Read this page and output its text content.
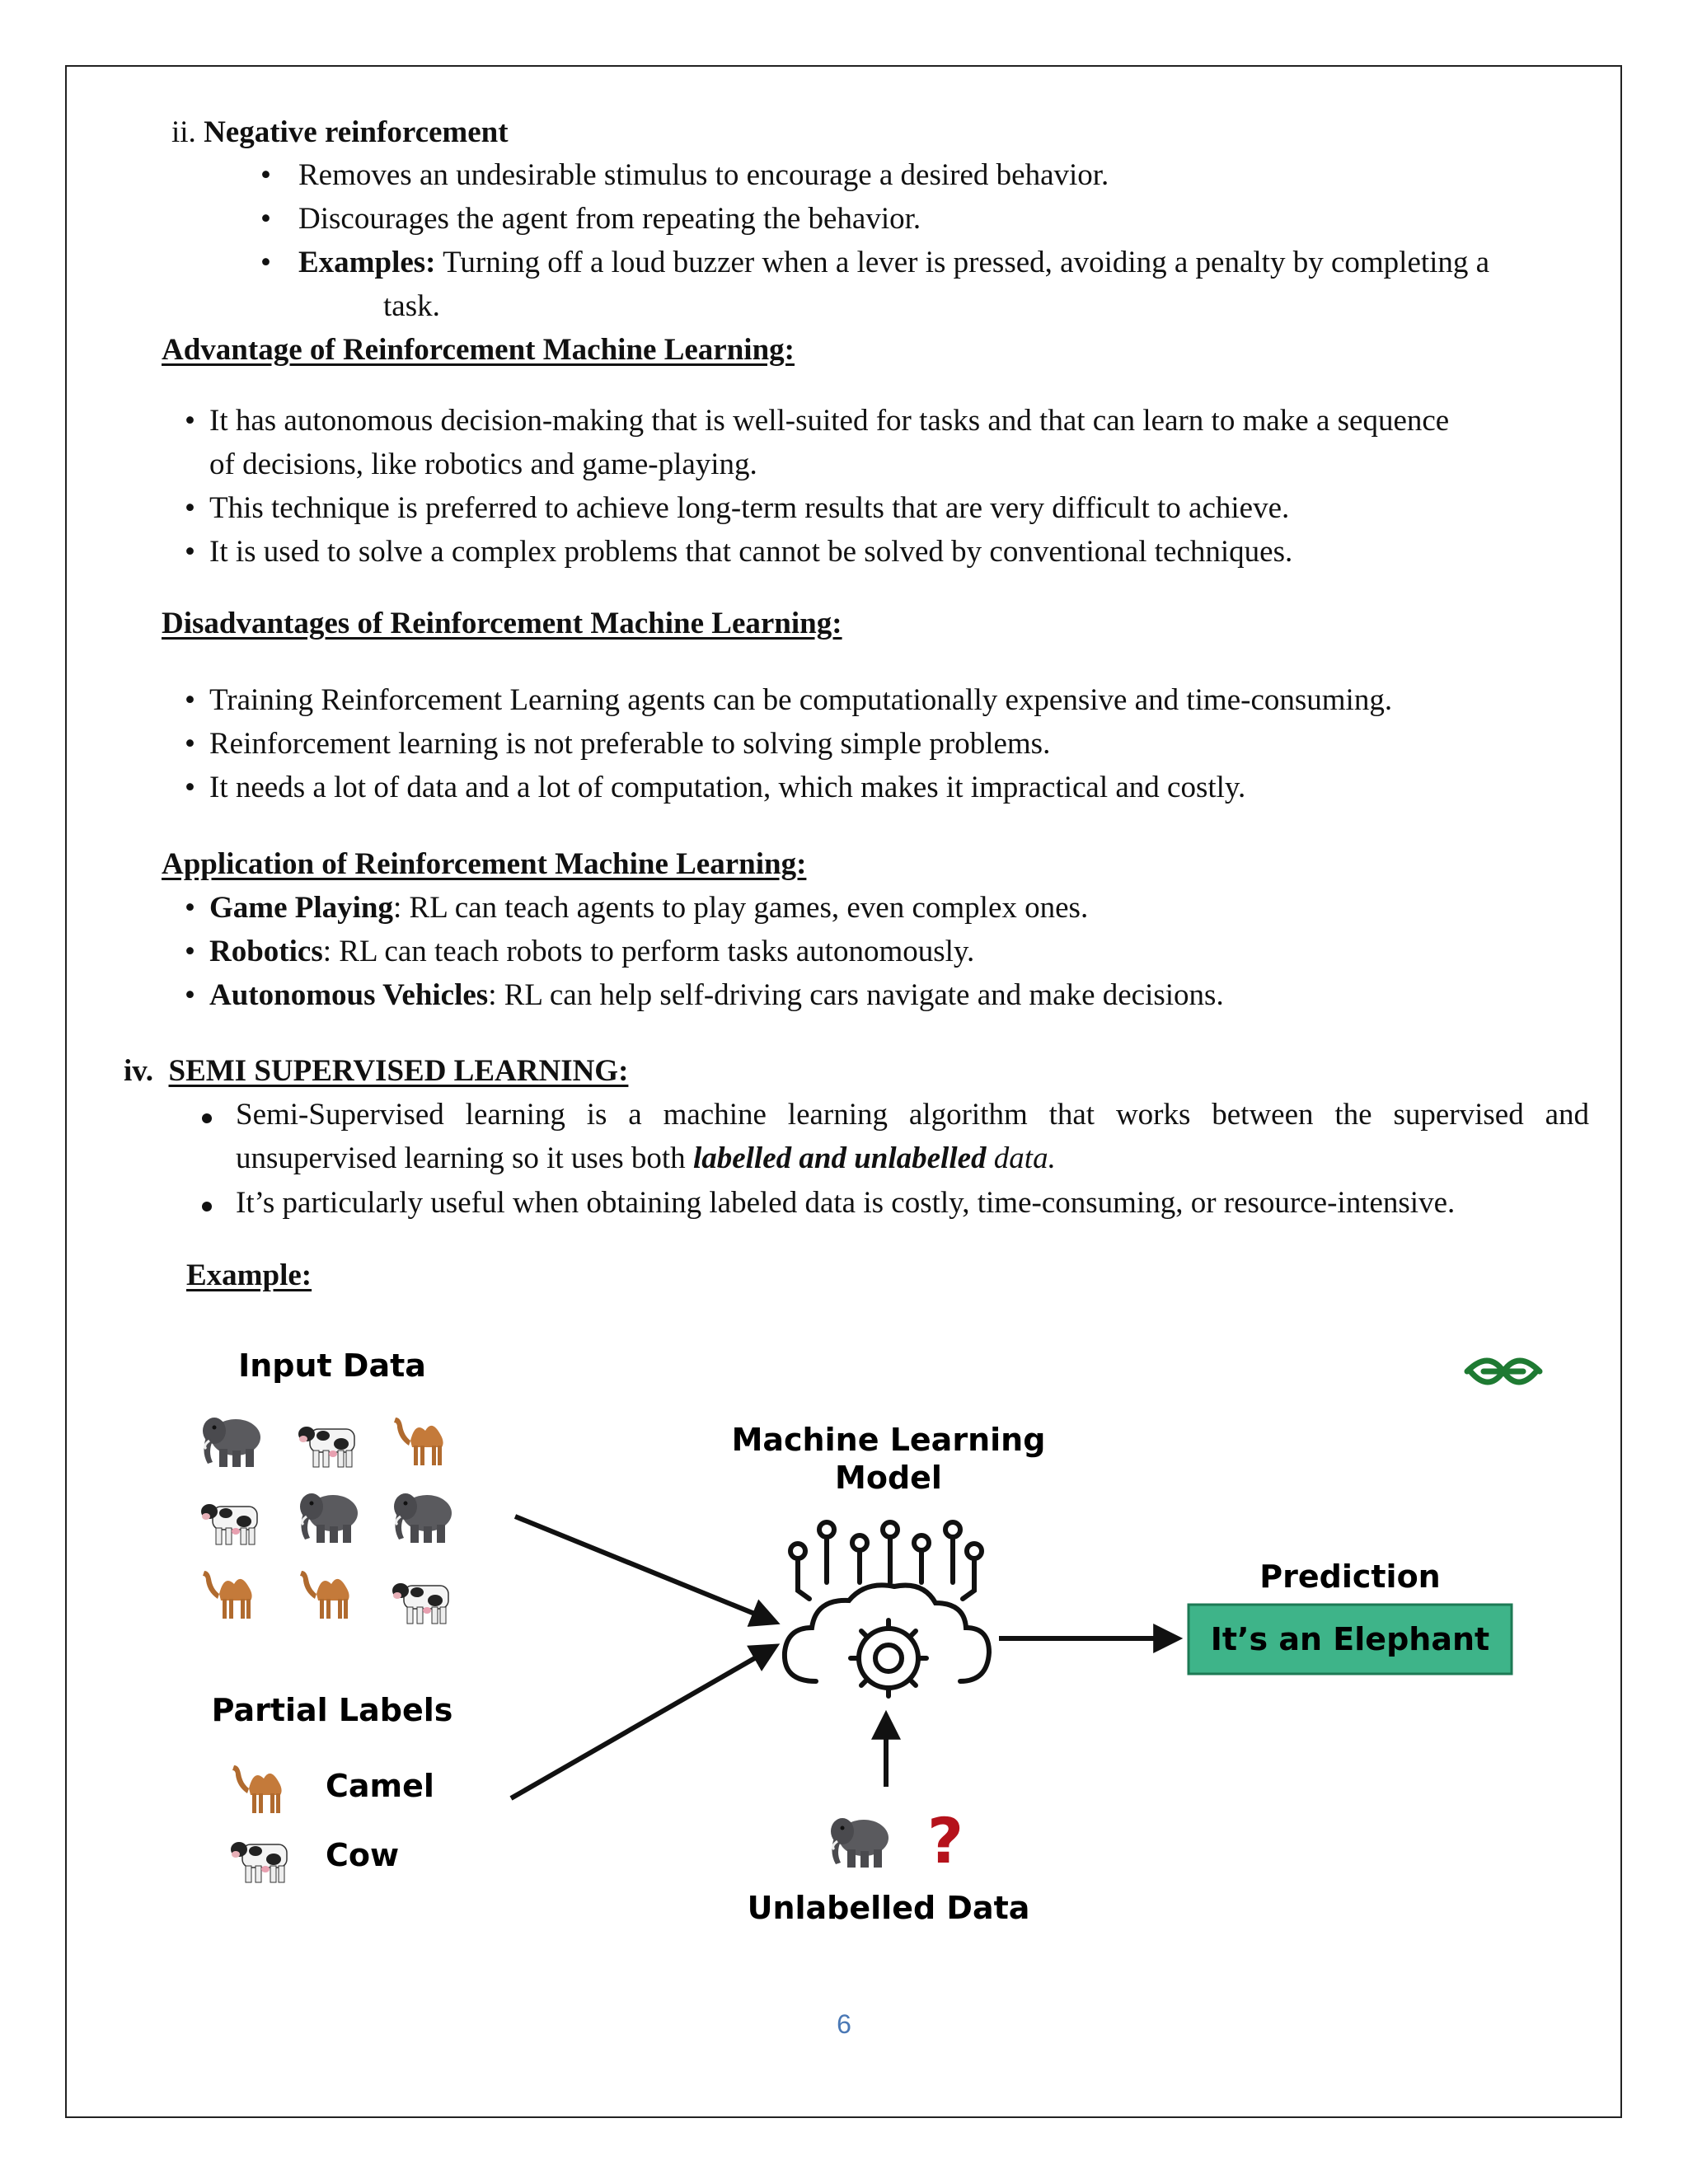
ii. Negative reinforcement
• Removes an undesirable stimulus to encourage a desired behavior.
• Discourages the agent from repeating the behavior.
• Examples: Turning off a loud buzzer when a lever is pressed, avoiding a penalty by completing a
task.
Advantage of Reinforcement Machine Learning:
• It has autonomous decision-making that is well-suited for tasks and that can learn to make a sequence
of decisions, like robotics and game-playing.
• This technique is preferred to achieve long-term results that are very difficult to achieve.
• It is used to solve a complex problems that cannot be solved by conventional techniques.
Disadvantages of Reinforcement Machine Learning:
• Training Reinforcement Learning agents can be computationally expensive and time-consuming.
• Reinforcement learning is not preferable to solving simple problems.
• It needs a lot of data and a lot of computation, which makes it impractical and costly.
Application of Reinforcement Machine Learning:
• Game Playing: RL can teach agents to play games, even complex ones.
• Robotics: RL can teach robots to perform tasks autonomously.
• Autonomous Vehicles: RL can help self-driving cars navigate and make decisions.
iv. SEMI SUPERVISED LEARNING:
Semi-Supervised learning is a machine learning algorithm that works between the supervised and
unsupervised learning so it uses both labelled and unlabelled data.
It’s particularly useful when obtaining labeled data is costly, time-consuming, or resource-intensive.
Example:
Input Data
Partial Labels
Camel
Cow
Machine Learning
Model
Prediction
It’s an Elephant
?
Unlabelled Data
GfG
6
